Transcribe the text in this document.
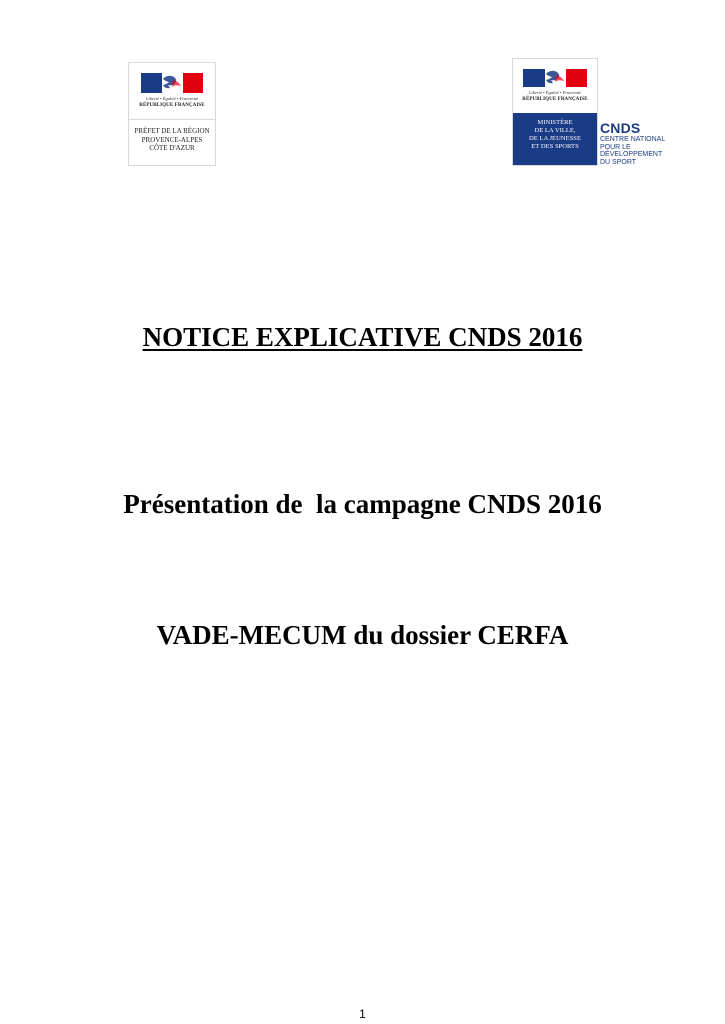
Liberté • Égalité • Fraternité
RÉPUBLIQUE FRANÇAISE
PRÉFET DE LA RÉGION
PROVENCE-ALPES
CÔTE D'AZUR
Liberté • Égalité • Fraternité
RÉPUBLIQUE FRANÇAISE
MINISTÈRE
DE LA VILLE,
DE LA JEUNESSE
ET DES SPORTS
CNDS
CENTRE NATIONAL
POUR LE
DÉVELOPPEMENT
DU SPORT
NOTICE EXPLICATIVE CNDS 2016
Présentation de  la campagne CNDS 2016
VADE-MECUM du dossier CERFA
1
